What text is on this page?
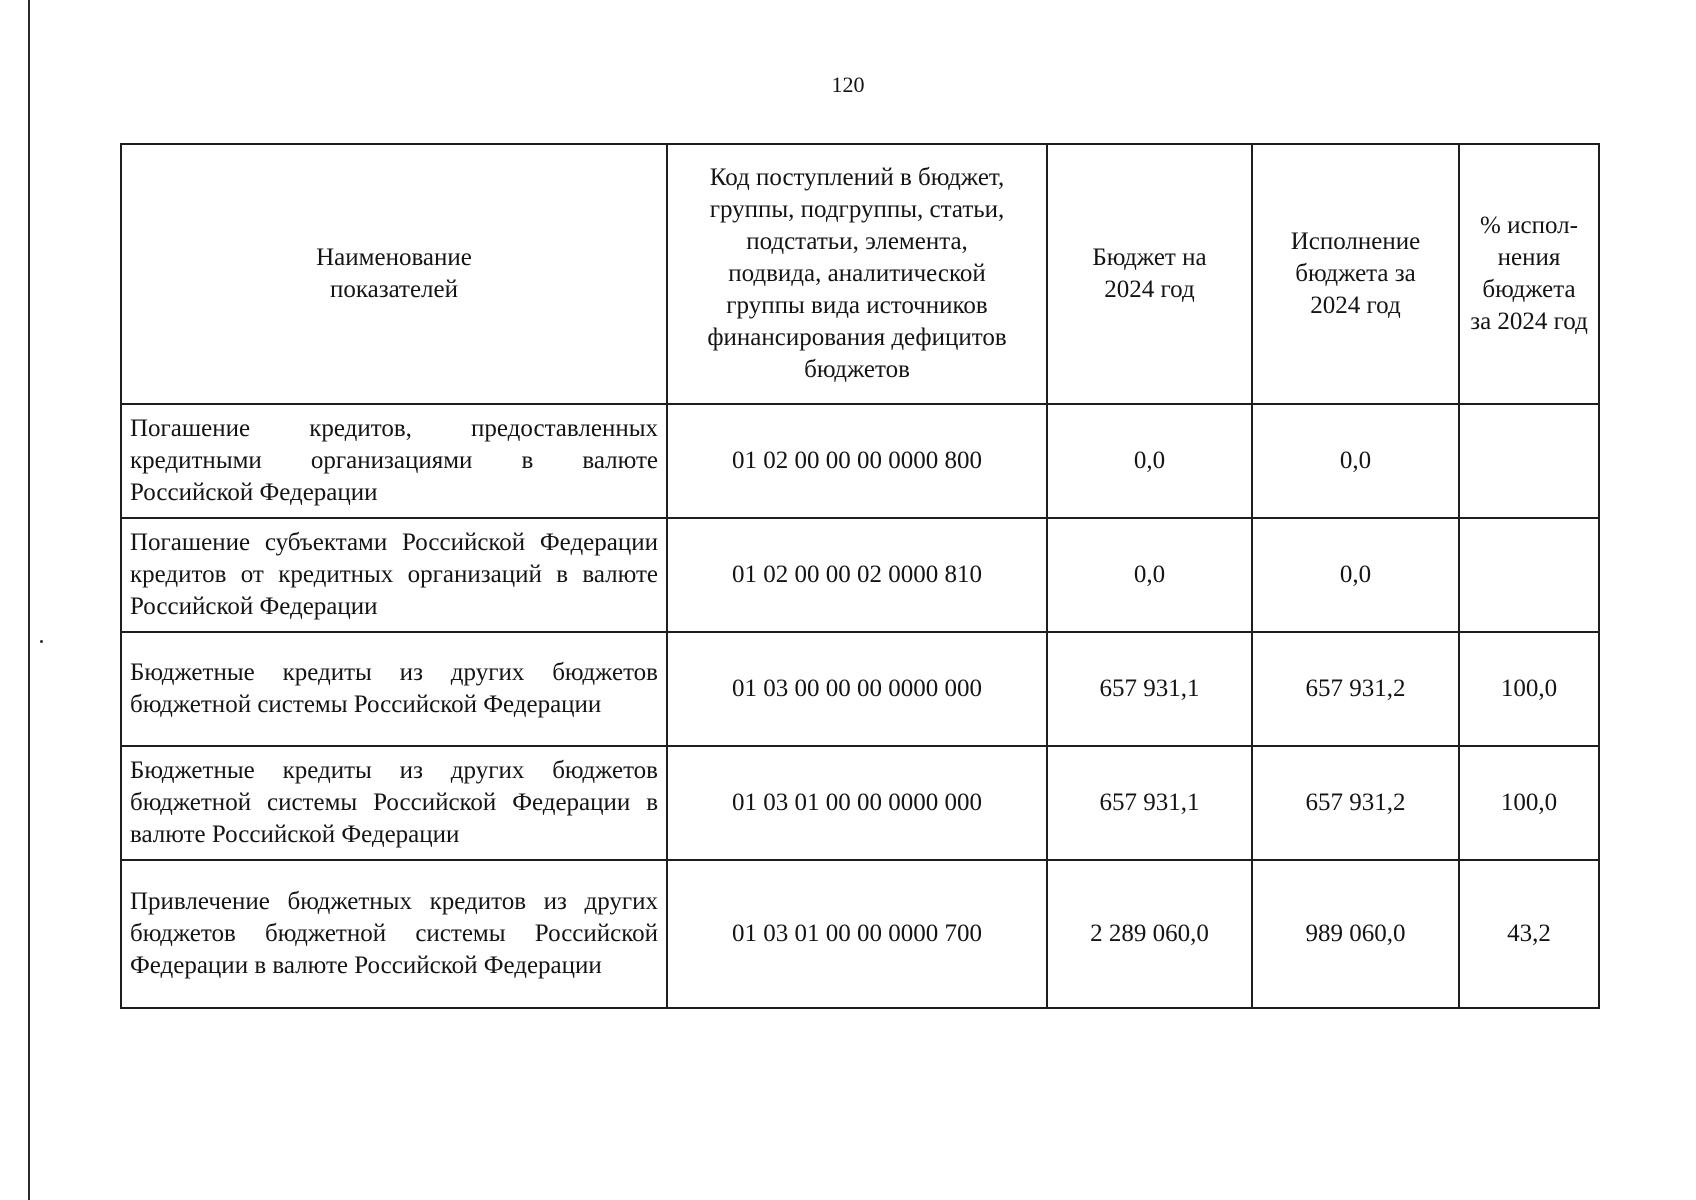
120
Наименование показателей	Код поступлений в бюджет, группы, подгруппы, статьи, подстатьи, элемента, подвида, аналитической группы вида источников финансирования дефицитов бюджетов	Бюджет на 2024 год	Исполнение бюджета за 2024 год	% испол-нения бюджета за 2024 год
Погашение кредитов, предоставленных кредитными организациями в валюте Российской Федерации	01 02 00 00 00 0000 800	0,0	0,0	
Погашение субъектами Российской Федерации кредитов от кредитных организаций в валюте Российской Федерации	01 02 00 00 02 0000 810	0,0	0,0	
Бюджетные кредиты из других бюджетов бюджетной системы Российской Федерации	01 03 00 00 00 0000 000	657 931,1	657 931,2	100,0
Бюджетные кредиты из других бюджетов бюджетной системы Российской Федерации в валюте Российской Федерации	01 03 01 00 00 0000 000	657 931,1	657 931,2	100,0
Привлечение бюджетных кредитов из других бюджетов бюджетной системы Российской Федерации в валюте Российской Федерации	01 03 01 00 00 0000 700	2 289 060,0	989 060,0	43,2
